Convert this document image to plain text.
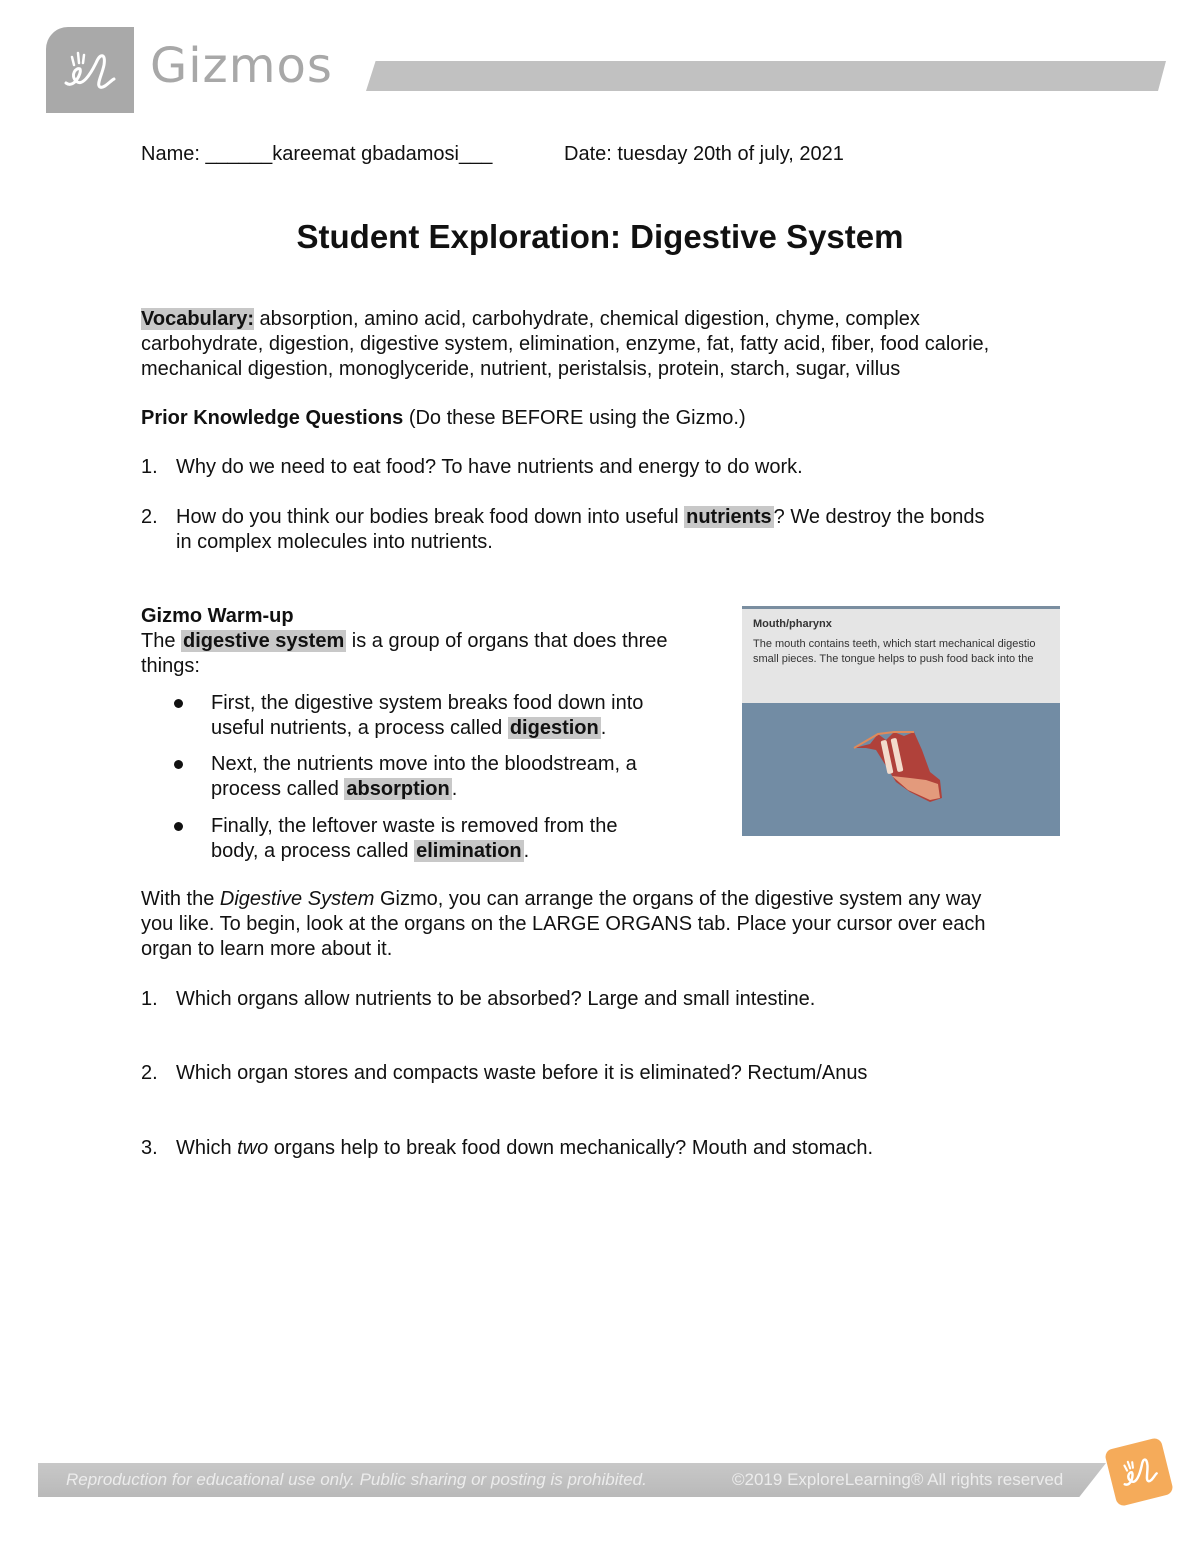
Gizmos
Name: ______kareemat gbadamosi___	Date: tuesday 20th of july, 2021
Student Exploration: Digestive System
Vocabulary: absorption, amino acid, carbohydrate, chemical digestion, chyme, complex
carbohydrate, digestion, digestive system, elimination, enzyme, fat, fatty acid, fiber, food calorie,
mechanical digestion, monoglyceride, nutrient, peristalsis, protein, starch, sugar, villus
Prior Knowledge Questions (Do these BEFORE using the Gizmo.)
1. Why do we need to eat food? To have nutrients and energy to do work.
2. How do you think our bodies break food down into useful nutrients ? We destroy the bonds
in complex molecules into nutrients.
Gizmo Warm-up
The digestive system is a group of organs that does three
things:
First, the digestive system breaks food down into
useful nutrients, a process called digestion .
Next, the nutrients move into the bloodstream, a
process called absorption .
Finally, the leftover waste is removed from the
body, a process called elimination .
Mouth/pharynx
The mouth contains teeth, which start mechanical digestio
small pieces. The tongue helps to push food back into the
With the Digestive System Gizmo, you can arrange the organs of the digestive system any way
you like. To begin, look at the organs on the LARGE ORGANS tab. Place your cursor over each
organ to learn more about it.
1. Which organs allow nutrients to be absorbed? Large and small intestine.
2. Which organ stores and compacts waste before it is eliminated? Rectum/Anus
3. Which two organs help to break food down mechanically? Mouth and stomach.
Reproduction for educational use only. Public sharing or posting is prohibited.	©2019 ExploreLearning® All rights reserved
